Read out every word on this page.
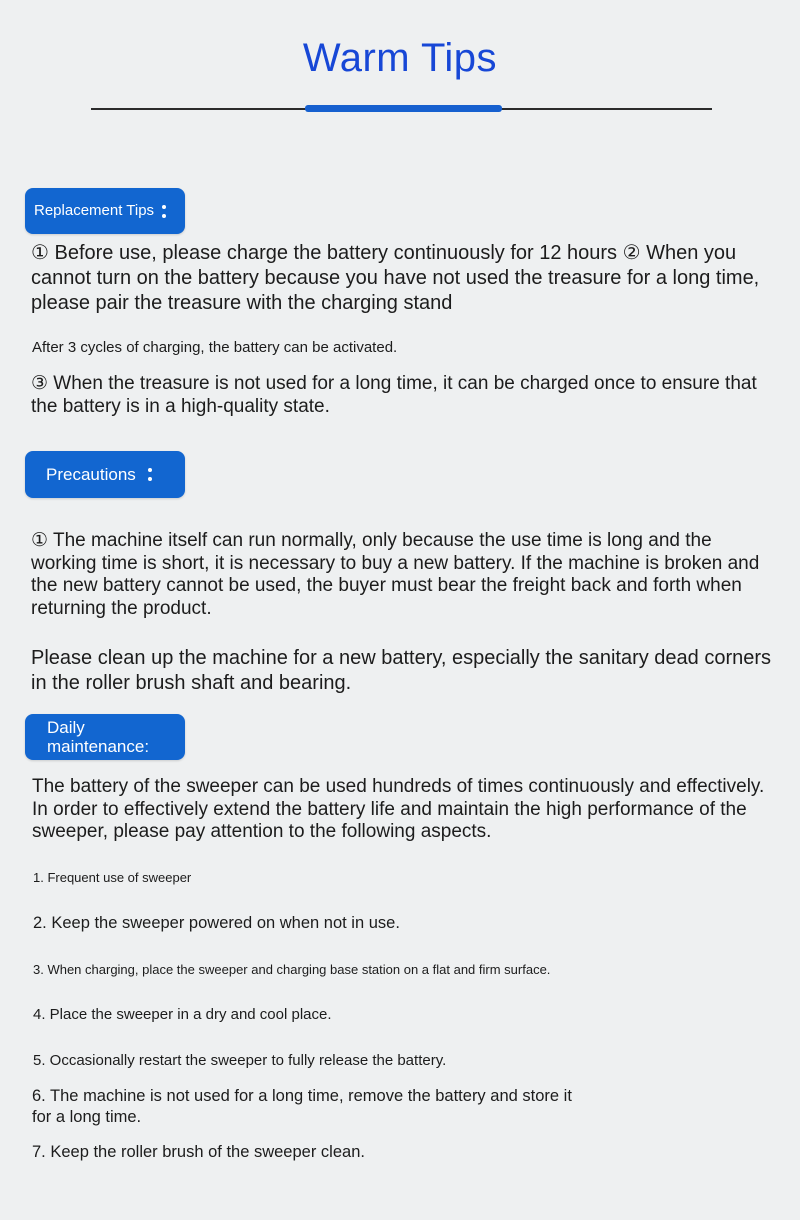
Warm Tips
Replacement Tips

① Before use, please charge the battery continuously for 12 hours ② When you cannot turn on the battery because you have not used the treasure for a long time, please pair the treasure with the charging stand

After 3 cycles of charging, the battery can be activated.

③ When the treasure is not used for a long time, it can be charged once to ensure that the battery is in a high-quality state.

Precautions

① The machine itself can run normally, only because the use time is long and the working time is short, it is necessary to buy a new battery. If the machine is broken and the new battery cannot be used, the buyer must bear the freight back and forth when returning the product.

Please clean up the machine for a new battery, especially the sanitary dead corners in the roller brush shaft and bearing.

Daily
maintenance:

The battery of the sweeper can be used hundreds of times continuously and effectively. In order to effectively extend the battery life and maintain the high performance of the sweeper, please pay attention to the following aspects.

1. Frequent use of sweeper

2. Keep the sweeper powered on when not in use.

3. When charging, place the sweeper and charging base station on a flat and firm surface.

4. Place the sweeper in a dry and cool place.

5. Occasionally restart the sweeper to fully release the battery.

6. The machine is not used for a long time, remove the battery and store it for a long time.

7. Keep the roller brush of the sweeper clean.
